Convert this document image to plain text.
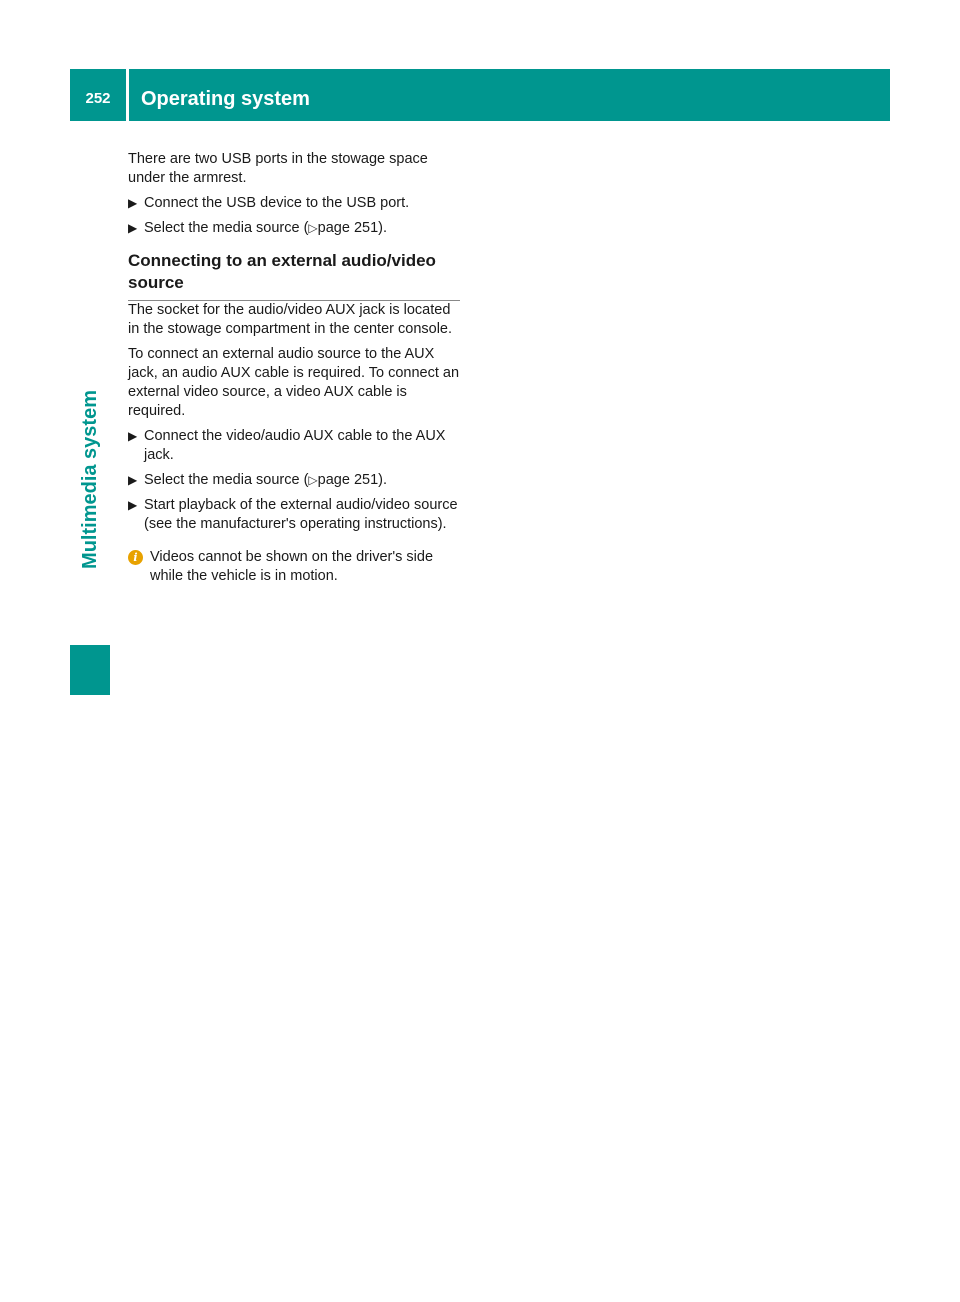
252	Operating system
Multimedia system

There are two USB ports in the stowage space under the armrest.

▶
Connect the USB device to the USB port.
▶
Select the media source (▷page 251).
Connecting to an external audio/video source

The socket for the audio/video AUX jack is located in the stowage compartment in the center console.

To connect an external audio source to the AUX jack, an audio AUX cable is required. To connect an external video source, a video AUX cable is required.

▶
Connect the video/audio AUX cable to the AUX jack.
▶
Select the media source (▷page 251).
▶
Start playback of the external audio/video source (see the manufacturer's operating instructions).
i Videos cannot be shown on the driver's side while the vehicle is in motion.
